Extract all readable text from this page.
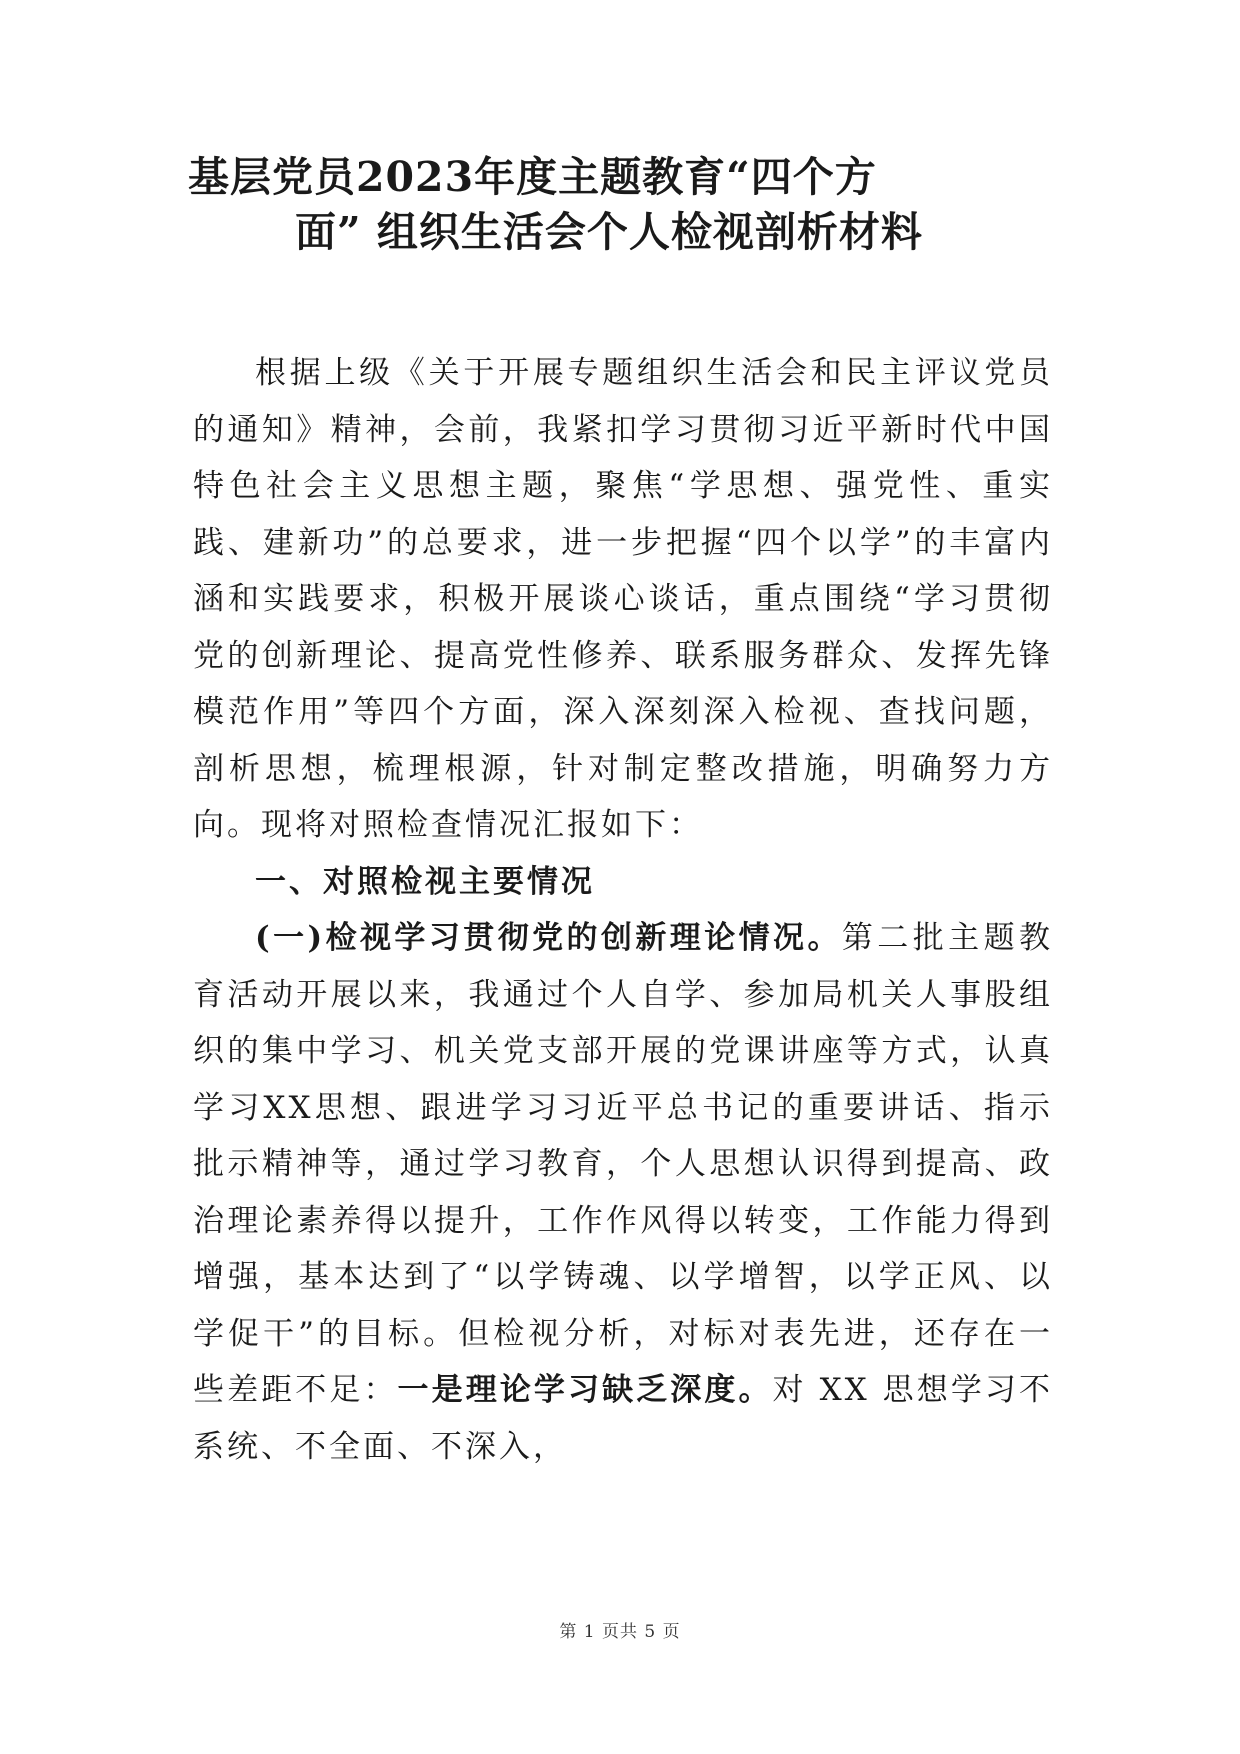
基层党员2023年度主题教育“四个方
面” 组织生活会个人检视剖析材料

根据上级《关于开展专题组织生活会和民主评议党员的通知》精神，会前，我紧扣学习贯彻习近平新时代中国特色社会主义思想主题，聚焦“学思想、强党性、重实践、建新功”的总要求，进一步把握“四个以学”的丰富内涵和实践要求，积极开展谈心谈话，重点围绕“学习贯彻党的创新理论、提高党性修养、联系服务群众、发挥先锋模范作用”等四个方面，深入深刻深入检视、查找问题，剖析思想，梳理根源，针对制定整改措施，明确努力方向。现将对照检查情况汇报如下：

一、对照检视主要情况

(一)检视学习贯彻党的创新理论情况。第二批主题教育活动开展以来，我通过个人自学、参加局机关人事股组织的集中学习、机关党支部开展的党课讲座等方式，认真学习XX思想、跟进学习习近平总书记的重要讲话、指示批示精神等，通过学习教育，个人思想认识得到提高、政治理论素养得以提升，工作作风得以转变，工作能力得到增强，基本达到了“以学铸魂、以学增智，以学正风、以学促干”的目标。但检视分析，对标对表先进，还存在一些差距不足：一是理论学习缺乏深度。对 XX 思想学习不系统、不全面、不深入，

第 1 页共 5 页
